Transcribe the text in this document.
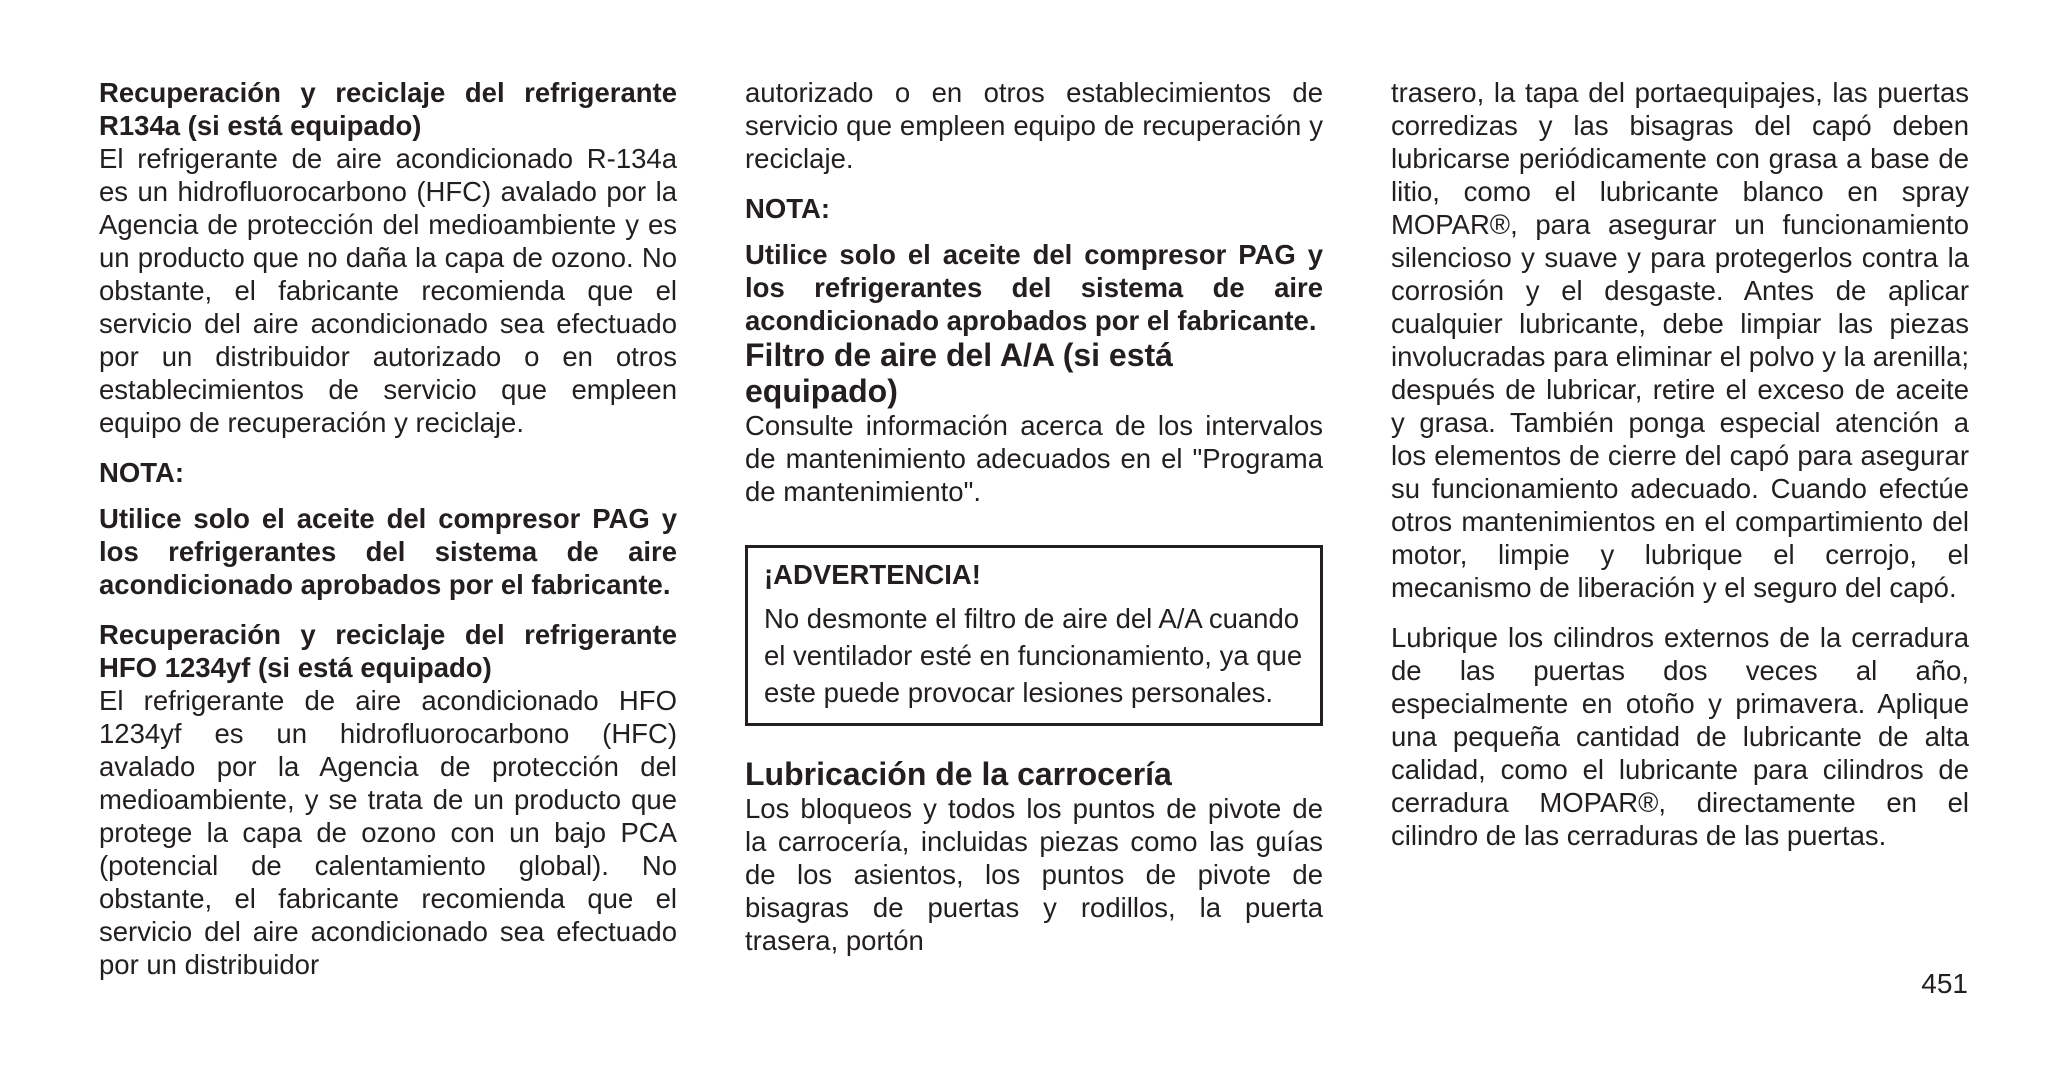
Recuperación y reciclaje del refrigerante R134a (si está equipado)

El refrigerante de aire acondicionado R-134a es un hidrofluorocarbono (HFC) avalado por la Agencia de protección del medioambiente y es un producto que no daña la capa de ozono. No obstante, el fabricante recomienda que el servicio del aire acondicionado sea efectuado por un distribuidor autorizado o en otros establecimientos de servicio que empleen equipo de recuperación y reciclaje.

NOTA:

Utilice solo el aceite del compresor PAG y los refrigerantes del sistema de aire acondicionado aprobados por el fabricante.

Recuperación y reciclaje del refrigerante HFO 1234yf (si está equipado)

El refrigerante de aire acondicionado HFO 1234yf es un hidrofluorocarbono (HFC) avalado por la Agencia de protección del medioambiente, y se trata de un producto que protege la capa de ozono con un bajo PCA (potencial de calentamiento global). No obstante, el fabricante recomienda que el servicio del aire acondicionado sea efectuado por un distribuidor

autorizado o en otros establecimientos de servicio que empleen equipo de recuperación y reciclaje.

NOTA:

Utilice solo el aceite del compresor PAG y los refrigerantes del sistema de aire acondicionado aprobados por el fabricante.

Filtro de aire del A/A (si está equipado)

Consulte información acerca de los intervalos de mantenimiento adecuados en el "Programa de mantenimiento".

¡ADVERTENCIA!

No desmonte el filtro de aire del A/A cuando el ventilador esté en funcionamiento, ya que este puede provocar lesiones personales.

Lubricación de la carrocería

Los bloqueos y todos los puntos de pivote de la carrocería, incluidas piezas como las guías de los asientos, los puntos de pivote de bisagras de puertas y rodillos, la puerta trasera, portón

trasero, la tapa del portaequipajes, las puertas corredizas y las bisagras del capó deben lubricarse periódicamente con grasa a base de litio, como el lubricante blanco en spray MOPAR®, para asegurar un funcionamiento silencioso y suave y para protegerlos contra la corrosión y el desgaste. Antes de aplicar cualquier lubricante, debe limpiar las piezas involucradas para eliminar el polvo y la arenilla; después de lubricar, retire el exceso de aceite y grasa. También ponga especial atención a los elementos de cierre del capó para asegurar su funcionamiento adecuado. Cuando efectúe otros mantenimientos en el compartimiento del motor, limpie y lubrique el cerrojo, el mecanismo de liberación y el seguro del capó.

Lubrique los cilindros externos de la cerradura de las puertas dos veces al año, especialmente en otoño y primavera. Aplique una pequeña cantidad de lubricante de alta calidad, como el lubricante para cilindros de cerradura MOPAR®, directamente en el cilindro de las cerraduras de las puertas.

451
